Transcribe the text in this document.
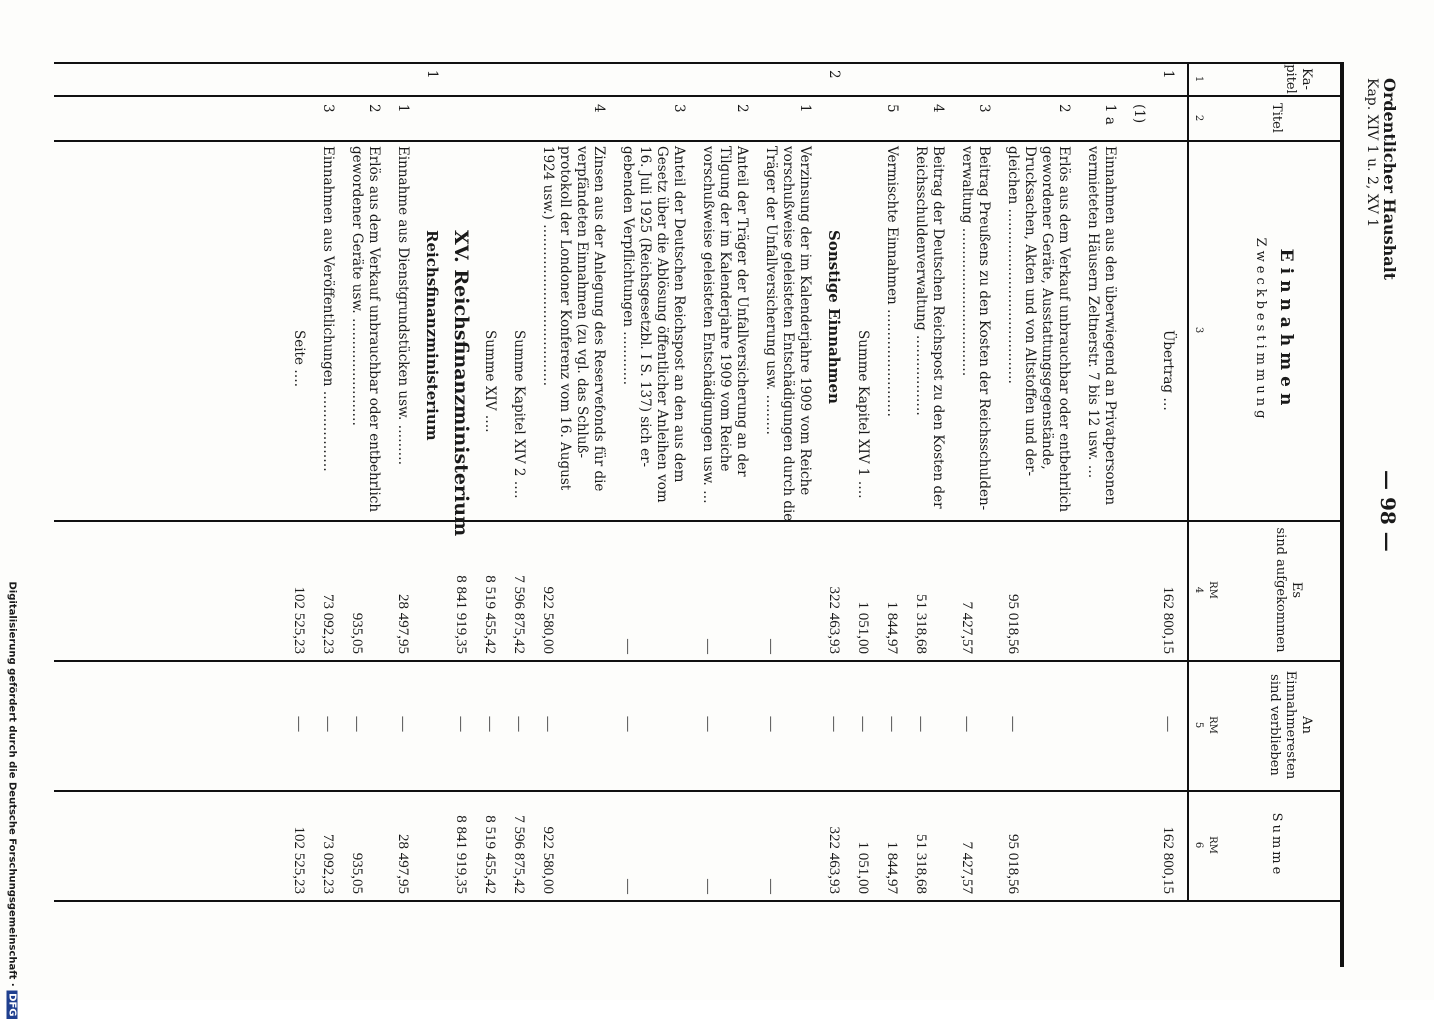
Digitalisierung gefördert durch die Deutsche Forschungsgemeinschaft · DFG
Ordentlicher Haushalt
Kap. XIV 1 u. 2, XV 1
— 98 —
Ka-
pitel
Titel
Einnahmen
Zweckbestimmung
Es
sind aufgekommen
An
Einnahmeresten
sind verblieben
Summe
1
2
3
4
5
6
RM
RM
RM
1
Übertrag …
162 800,15
—
162 800,15
(1)
1 a
Einnahmen aus den überwiegend an Privatpersonen
vermieteten Häusern Zeltnerstr. 7 bis 12 usw. …
2
Erlös aus dem Verkauf unbrauchbar oder entbehrlich
gewordener Geräte, Ausstattungsgegenstände,
Drucksachen, Akten und von Altstoffen und der-
gleichen …………………………………
95 018,56
—
95 018,56
3
Beitrag Preußens zu den Kosten der Reichsschulden-
verwaltung ……………………………
7 427,57
—
7 427,57
4
Beitrag der Deutschen Reichspost zu den Kosten der
Reichsschuldenverwaltung ………………
51 318,68
—
51 318,68
5
Vermischte Einnahmen ……………………
1 844,97
—
1 844,97
Summe Kapitel XIV 1 ….
1 051,00
—
1 051,00
2
Sonstige Einnahmen
322 463,93
—
322 463,93
1
Verzinsung der im Kalenderjahre 1909 vom Reiche
vorschußweise geleisteten Entschädigungen durch die
Träger der Unfallversicherung usw. ………
—
—
—
2
Anteil der Träger der Unfallversicherung an der
Tilgung der im Kalenderjahre 1909 vom Reiche
vorschußweise geleisteten Entschädigungen usw. …
—
—
—
3
Anteil der Deutschen Reichspost an den aus dem
Gesetz über die Ablösung öffentlicher Anleihen vom
16. Juli 1925 (Reichsgesetzbl. I S. 137) sich er-
gebenden Verpflichtungen …………
—
—
—
4
Zinsen aus der Anlegung des Reservefonds für die
verpfändeten Einnahmen (zu vgl. das Schluß-
protokoll der Londoner Konferenz vom 16. August
1924 usw.) ………………………………
922 580,00
—
922 580,00
Summe Kapitel XIV 2 ….
7 596 875,42
—
7 596 875,42
Summe XIV ….
8 519 455,42
—
8 519 455,42
XV. Reichsfinanzministerium
8 841 919,35
—
8 841 919,35
1
Reichsfinanzministerium
1
Einnahme aus Dienstgrundstücken usw. ………
28 497,95
—
28 497,95
2
Erlös aus dem Verkauf unbrauchbar oder entbehrlich
gewordener Geräte usw. ……………………
935,05
—
935,05
3
Einnahmen aus Veröffentlichungen ………………
73 092,23
—
73 092,23
Seite ….
102 525,23
—
102 525,23
